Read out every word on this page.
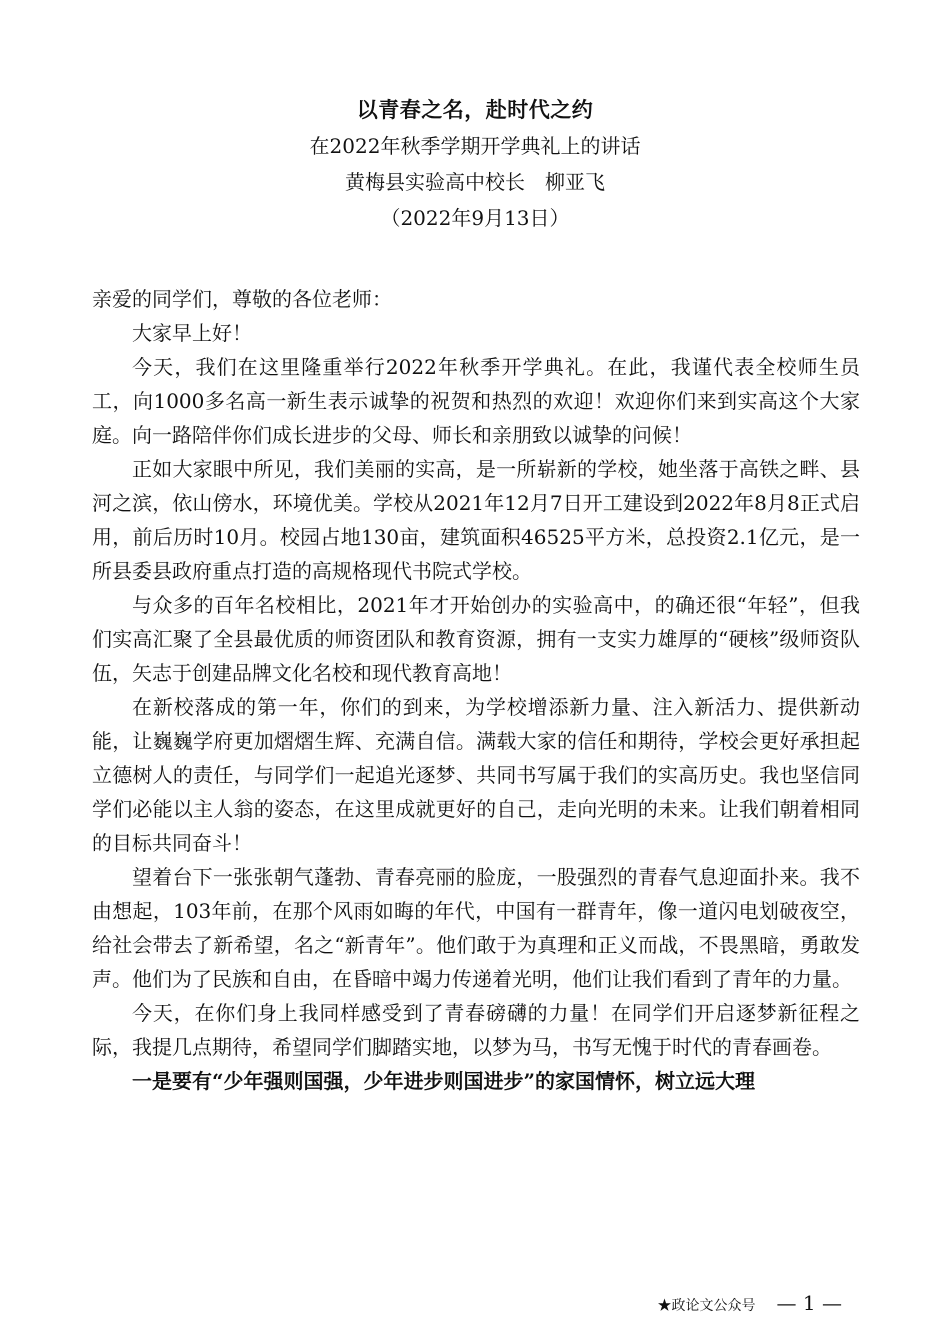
以青春之名，赴时代之约
在2022年秋季学期开学典礼上的讲话
黄梅县实验高中校长　柳亚飞
（2022年9月13日）

亲爱的同学们，尊敬的各位老师：

大家早上好！

今天，我们在这里隆重举行2022年秋季开学典礼。在此，我谨代表全校师生员工，向1000多名高一新生表示诚挚的祝贺和热烈的欢迎！欢迎你们来到实高这个大家庭。向一路陪伴你们成长进步的父母、师长和亲朋致以诚挚的问候！

正如大家眼中所见，我们美丽的实高，是一所崭新的学校，她坐落于高铁之畔、县河之滨，依山傍水，环境优美。学校从2021年12月7日开工建设到2022年8月8正式启用，前后历时10月。校园占地130亩，建筑面积46525平方米，总投资2.1亿元，是一所县委县政府重点打造的高规格现代书院式学校。

与众多的百年名校相比，2021年才开始创办的实验高中，的确还很“年轻”，但我们实高汇聚了全县最优质的师资团队和教育资源，拥有一支实力雄厚的“硬核”级师资队伍，矢志于创建品牌文化名校和现代教育高地！

在新校落成的第一年，你们的到来，为学校增添新力量、注入新活力、提供新动能，让巍巍学府更加熠熠生辉、充满自信。满载大家的信任和期待，学校会更好承担起立德树人的责任，与同学们一起追光逐梦、共同书写属于我们的实高历史。我也坚信同学们必能以主人翁的姿态，在这里成就更好的自己，走向光明的未来。让我们朝着相同的目标共同奋斗！

望着台下一张张朝气蓬勃、青春亮丽的脸庞，一股强烈的青春气息迎面扑来。我不由想起，103年前，在那个风雨如晦的年代，中国有一群青年，像一道闪电划破夜空，给社会带去了新希望，名之“新青年”。他们敢于为真理和正义而战，不畏黑暗，勇敢发声。他们为了民族和自由，在昏暗中竭力传递着光明，他们让我们看到了青年的力量。

今天，在你们身上我同样感受到了青春磅礴的力量！在同学们开启逐梦新征程之际，我提几点期待，希望同学们脚踏实地，以梦为马，书写无愧于时代的青春画卷。

一是要有“少年强则国强，少年进步则国进步”的家国情怀，树立远大理

★政论文公众号 — 1 —
